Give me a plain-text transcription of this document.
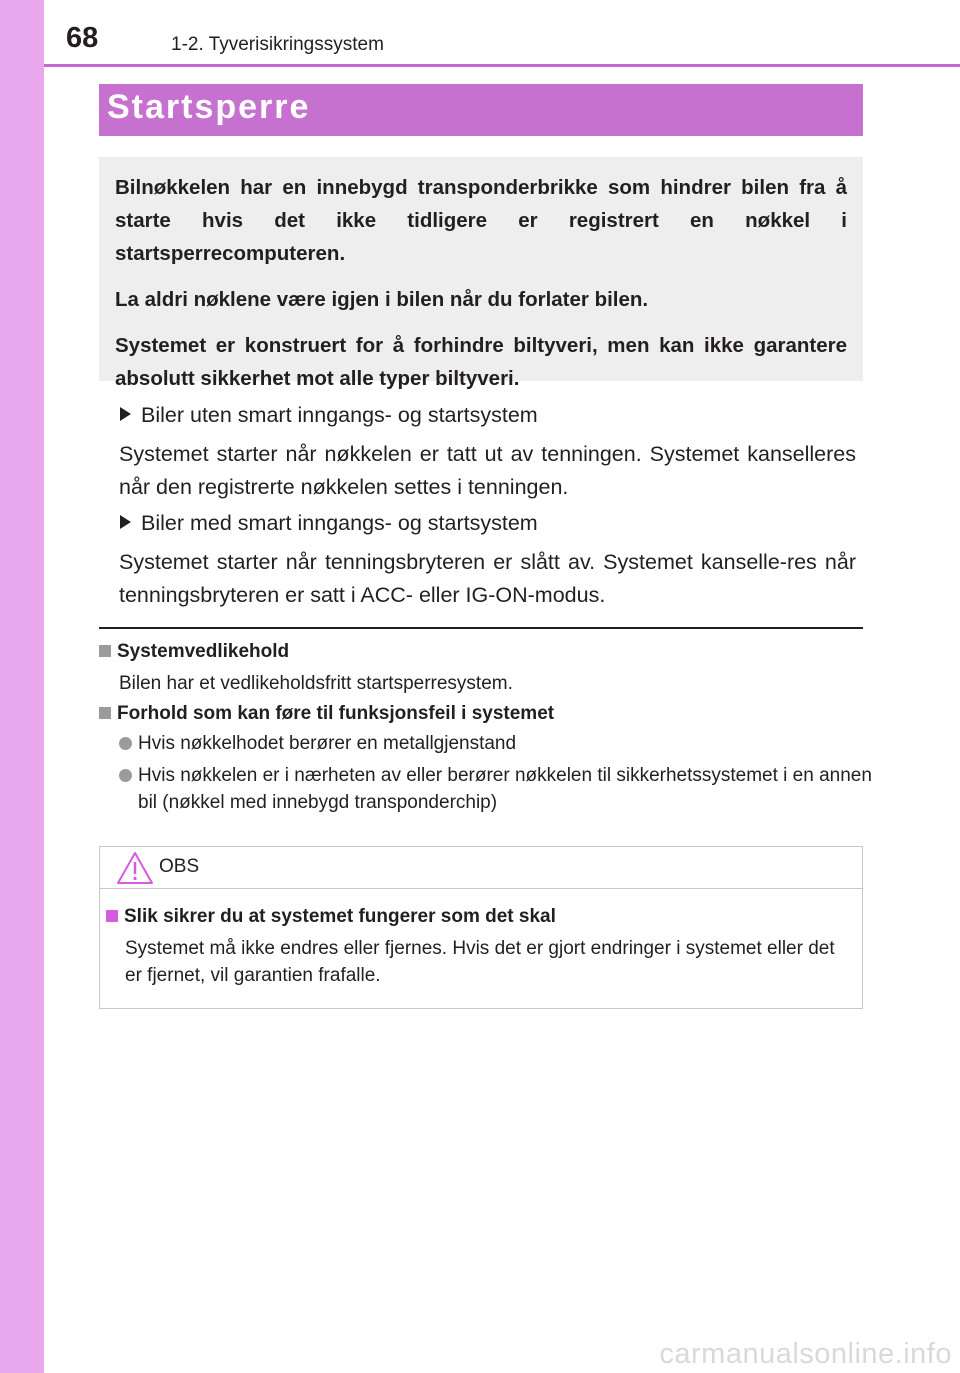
68	1-2. Tyverisikringssystem
Startsperre

Bilnøkkelen har en innebygd transponderbrikke som hindrer bilen fra å starte hvis det ikke tidligere er registrert en nøkkel i startsperrecomputeren.

La aldri nøklene være igjen i bilen når du forlater bilen.

Systemet er konstruert for å forhindre biltyveri, men kan ikke garantere absolutt sikkerhet mot alle typer biltyveri.

Biler uten smart inngangs- og startsystem

Systemet starter når nøkkelen er tatt ut av tenningen. Systemet kanselleres når den registrerte nøkkelen settes i tenningen.

Biler med smart inngangs- og startsystem

Systemet starter når tenningsbryteren er slått av. Systemet kanselle-res når tenningsbryteren er satt i ACC- eller IG-ON-modus.

Systemvedlikehold

Bilen har et vedlikeholdsfritt startsperresystem.

Forhold som kan føre til funksjonsfeil i systemet

Hvis nøkkelhodet berører en metallgjenstand

Hvis nøkkelen er i nærheten av eller berører nøkkelen til sikkerhetssystemet i en annen bil (nøkkel med innebygd transponderchip)

OBS
Slik sikrer du at systemet fungerer som det skal

Systemet må ikke endres eller fjernes. Hvis det er gjort endringer i systemet eller det er fjernet, vil garantien frafalle.

carmanualsonline.info
